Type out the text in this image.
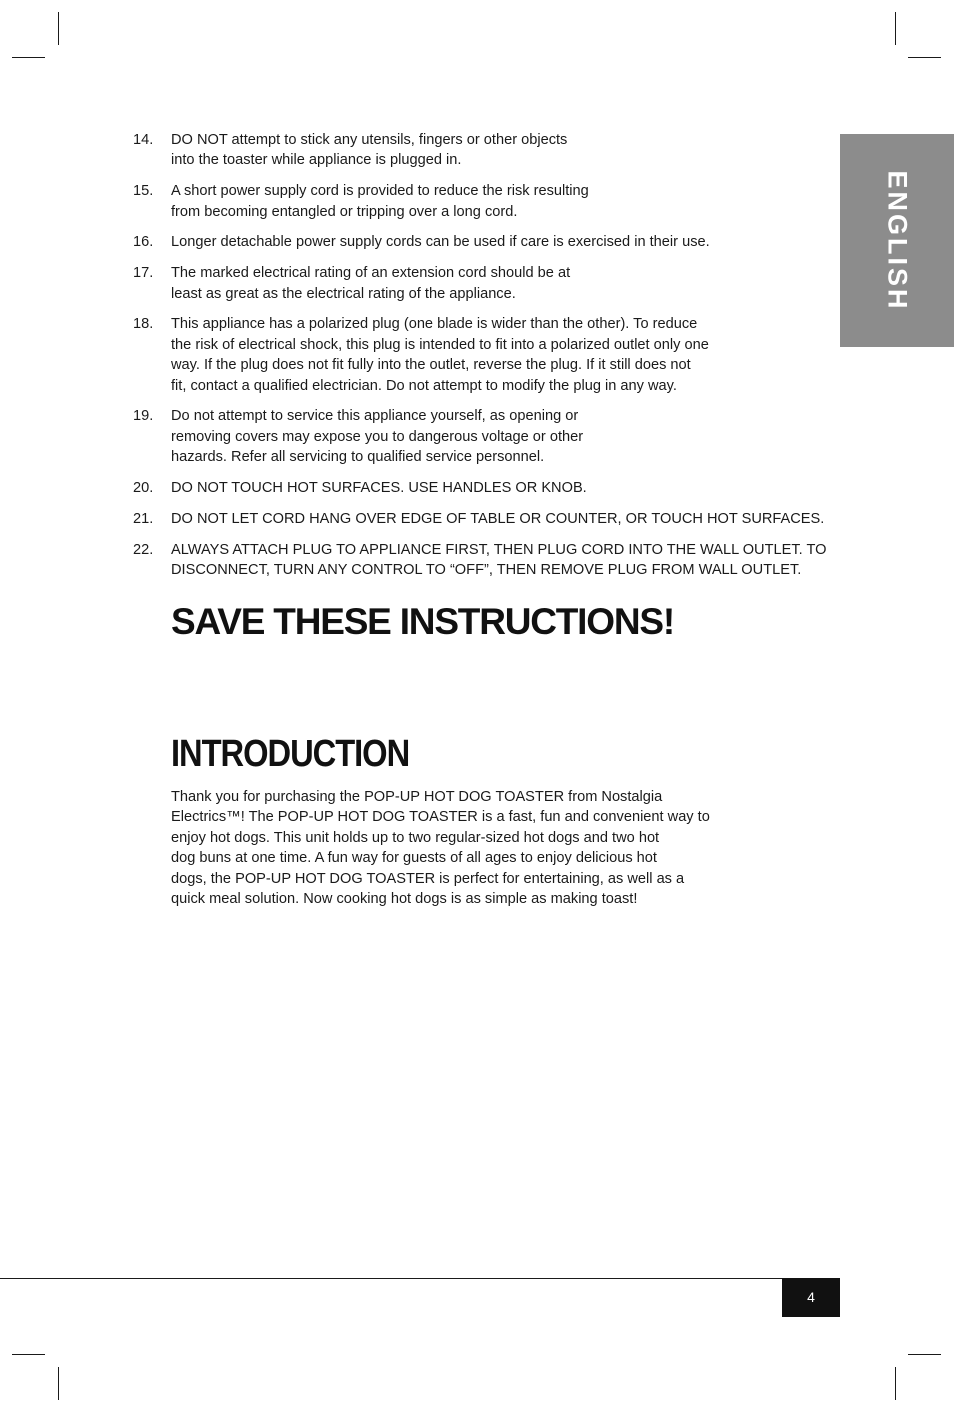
ENGLISH
14.	DO NOT attempt to stick any utensils, fingers or other objects
into the toaster while appliance is plugged in.
15.	A short power supply cord is provided to reduce the risk resulting
from becoming entangled or tripping over a long cord.
16.	Longer detachable power supply cords can be used if care is exercised in their use.
17.	The marked electrical rating of an extension cord should be at
least as great as the electrical rating of the appliance.
18.	This appliance has a polarized plug (one blade is wider than the other). To reduce
the risk of electrical shock, this plug is intended to fit into a polarized outlet only one
way. If the plug does not fit fully into the outlet, reverse the plug. If it still does not
fit, contact a qualified electrician. Do not attempt to modify the plug in any way.
19.	Do not attempt to service this appliance yourself, as opening or
removing covers may expose you to dangerous voltage or other
hazards. Refer all servicing to qualified service personnel.
20.	DO NOT TOUCH HOT SURFACES. USE HANDLES OR KNOB.
21.	DO NOT LET CORD HANG OVER EDGE OF TABLE OR COUNTER, OR TOUCH HOT SURFACES.
22.	ALWAYS ATTACH PLUG TO APPLIANCE FIRST, THEN PLUG CORD INTO THE WALL OUTLET. TO
DISCONNECT, TURN ANY CONTROL TO “OFF”, THEN REMOVE PLUG FROM WALL OUTLET.
SAVE THESE INSTRUCTIONS!
INTRODUCTION
Thank you for purchasing the POP-UP HOT DOG TOASTER from Nostalgia
Electrics™! The POP-UP HOT DOG TOASTER is a fast, fun and convenient way to
enjoy hot dogs. This unit holds up to two regular-sized hot dogs and two hot
dog buns at one time. A fun way for guests of all ages to enjoy delicious hot
dogs, the POP-UP HOT DOG TOASTER is perfect for entertaining, as well as a
quick meal solution. Now cooking hot dogs is as simple as making toast!
4
